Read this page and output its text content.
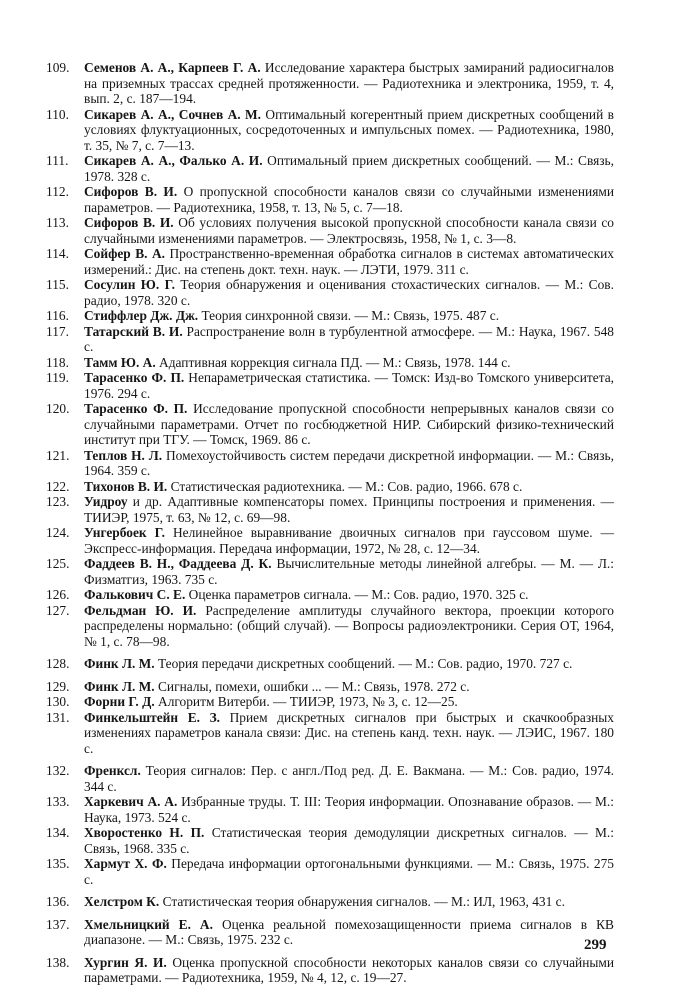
109.	Семенов А. А., Карпеев Г. А. Исследование характера быстрых замираний радиосигналов на приземных трассах средней протяженности. — Радиотехника и электроника, 1959, т. 4, вып. 2, с. 187—194.
110.	Сикарев А. А., Сочнев А. М. Оптимальный когерентный прием дискретных сообщений в условиях флуктуационных, сосредоточенных и импульсных помех. — Радиотехника, 1980, т. 35, № 7, с. 7—13.
111.	Сикарев А. А., Фалько А. И. Оптимальный прием дискретных сообщений. — М.: Связь, 1978. 328 с.
112.	Сифоров В. И. О пропускной способности каналов связи со случайными изменениями параметров. — Радиотехника, 1958, т. 13, № 5, с. 7—18.
113.	Сифоров В. И. Об условиях получения высокой пропускной способности канала связи со случайными изменениями параметров. — Электросвязь, 1958, № 1, с. 3—8.
114.	Сойфер В. А. Пространственно-временная обработка сигналов в системах автоматических измерений.: Дис. на степень докт. техн. наук. — ЛЭТИ, 1979. 311 с.
115.	Сосулин Ю. Г. Теория обнаружения и оценивания стохастических сигналов. — М.: Сов. радио, 1978. 320 с.
116.	Стиффлер Дж. Дж. Теория синхронной связи. — М.: Связь, 1975. 487 с.
117.	Татарский В. И. Распространение волн в турбулентной атмосфере. — М.: Наука, 1967. 548 с.
118.	Тамм Ю. А. Адаптивная коррекция сигнала ПД. — М.: Связь, 1978. 144 с.
119.	Тарасенко Ф. П. Непараметрическая статистика. — Томск: Изд-во Томского университета, 1976. 294 с.
120.	Тарасенко Ф. П. Исследование пропускной способности непрерывных каналов связи со случайными параметрами. Отчет по госбюджетной НИР. Сибирский физико-технический институт при ТГУ. — Томск, 1969. 86 с.
121.	Теплов Н. Л. Помехоустойчивость систем передачи дискретной информации. — М.: Связь, 1964. 359 с.
122.	Тихонов В. И. Статистическая радиотехника. — М.: Сов. радио, 1966. 678 с.
123.	Уидроу и др. Адаптивные компенсаторы помех. Принципы построения и применения. — ТИИЭР, 1975, т. 63, № 12, с. 69—98.
124.	Унгербоек Г. Нелинейное выравнивание двоичных сигналов при гауссовом шуме. — Экспресс-информация. Передача информации, 1972, № 28, с. 12—34.
125.	Фаддеев В. Н., Фаддеева Д. К. Вычислительные методы линейной алгебры. — М. — Л.: Физматгиз, 1963. 735 с.
126.	Фалькович С. Е. Оценка параметров сигнала. — М.: Сов. радио, 1970. 325 с.
127.	Фельдман Ю. И. Распределение амплитуды случайного вектора, проекции которого распределены нормально: (общий случай). — Вопросы радиоэлектроники. Серия ОТ, 1964, № 1, с. 78—98.
128.	Финк Л. М. Теория передачи дискретных сообщений. — М.: Сов. радио, 1970. 727 с.
129.	Финк Л. М. Сигналы, помехи, ошибки ... — М.: Связь, 1978. 272 с.
130.	Форни Г. Д. Алгоритм Витерби. — ТИИЭР, 1973, № 3, с. 12—25.
131.	Финкельштейн Е. З. Прием дискретных сигналов при быстрых и скачкообразных изменениях параметров канала связи: Дис. на степень канд. техн. наук. — ЛЭИС, 1967. 180 с.
132.	Френксл. Теория сигналов: Пер. с англ./Под ред. Д. Е. Вакмана. — М.: Сов. радио, 1974. 344 с.
133.	Харкевич А. А. Избранные труды. Т. III: Теория информации. Опознавание образов. — М.: Наука, 1973. 524 с.
134.	Хворостенко Н. П. Статистическая теория демодуляции дискретных сигналов. — М.: Связь, 1968. 335 с.
135.	Хармут Х. Ф. Передача информации ортогональными функциями. — М.: Связь, 1975. 275 с.
136.	Хелстром К. Статистическая теория обнаружения сигналов. — М.: ИЛ, 1963, 431 с.
137.	Хмельницкий Е. А. Оценка реальной помехозащищенности приема сигналов в КВ диапазоне. — М.: Связь, 1975. 232 с.
138.	Хургин Я. И. Оценка пропускной способности некоторых каналов связи со случайными параметрами. — Радиотехника, 1959, № 4, 12, с. 19—27.
299
